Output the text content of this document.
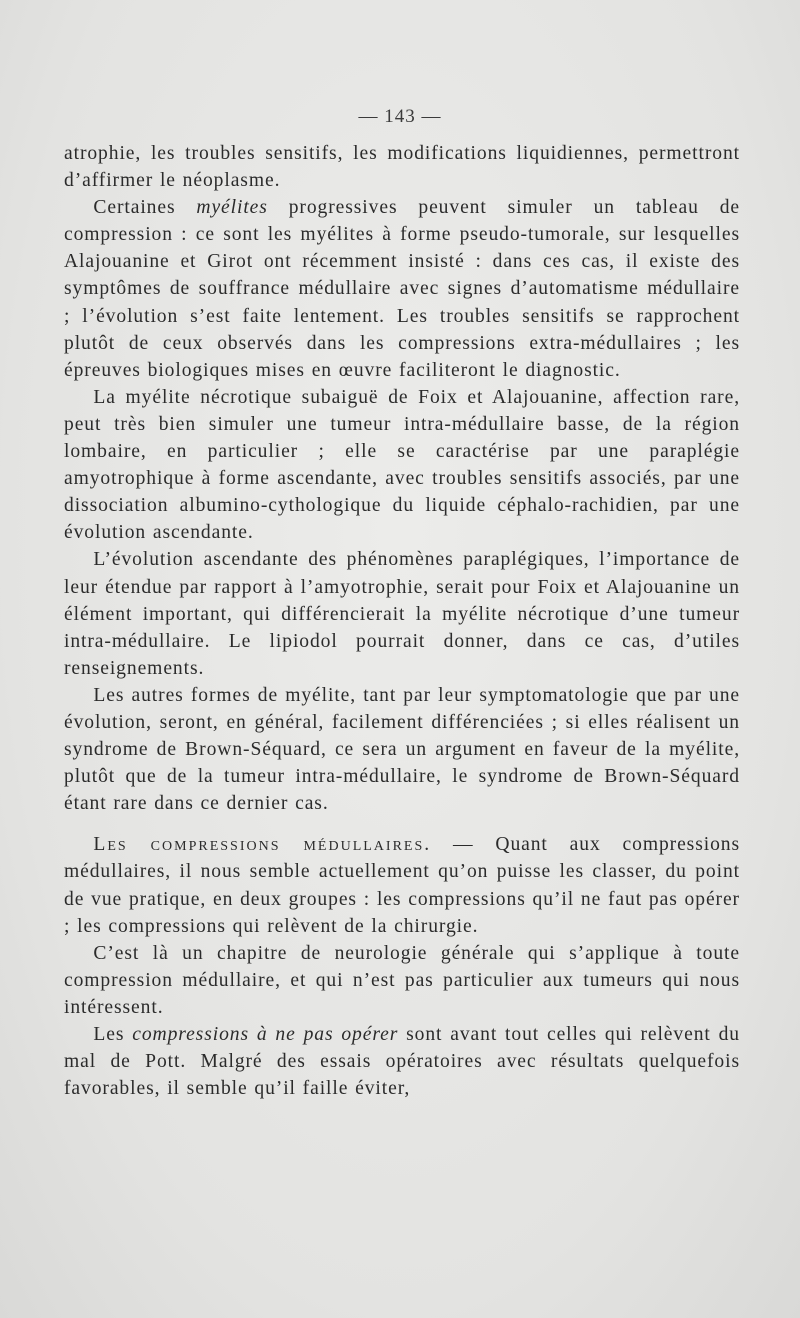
— 143 —

atrophie, les troubles sensitifs, les modifications liquidiennes, permettront d’affirmer le néoplasme.

Certaines myélites progressives peuvent simuler un tableau de compression : ce sont les myélites à forme pseudo-tumorale, sur lesquelles Alajouanine et Girot ont récemment insisté : dans ces cas, il existe des symptômes de souffrance médullaire avec signes d’automatisme médullaire ; l’évolution s’est faite lentement. Les troubles sensitifs se rapprochent plutôt de ceux observés dans les compressions extra-médullaires ; les épreuves biologiques mises en œuvre faciliteront le diagnostic.

La myélite nécrotique subaiguë de Foix et Alajouanine, affection rare, peut très bien simuler une tumeur intra-médullaire basse, de la région lombaire, en particulier ; elle se caractérise par une paraplégie amyotrophique à forme ascendante, avec troubles sensitifs associés, par une dissociation albumino-cythologique du liquide céphalo-rachidien, par une évolution ascendante.

L’évolution ascendante des phénomènes paraplégiques, l’importance de leur étendue par rapport à l’amyotrophie, serait pour Foix et Alajouanine un élément important, qui différencierait la myélite nécrotique d’une tumeur intra-médullaire. Le lipiodol pourrait donner, dans ce cas, d’utiles renseignements.

Les autres formes de myélite, tant par leur symptomatologie que par une évolution, seront, en général, facilement différenciées ; si elles réalisent un syndrome de Brown-Séquard, ce sera un argument en faveur de la myélite, plutôt que de la tumeur intra-médullaire, le syndrome de Brown-Séquard étant rare dans ce dernier cas.

Les compressions médullaires. — Quant aux compressions médullaires, il nous semble actuellement qu’on puisse les classer, du point de vue pratique, en deux groupes : les compressions qu’il ne faut pas opérer ; les compressions qui relèvent de la chirurgie.

C’est là un chapitre de neurologie générale qui s’applique à toute compression médullaire, et qui n’est pas particulier aux tumeurs qui nous intéressent.

Les compressions à ne pas opérer sont avant tout celles qui relèvent du mal de Pott. Malgré des essais opératoires avec résultats quelquefois favorables, il semble qu’il faille éviter,
